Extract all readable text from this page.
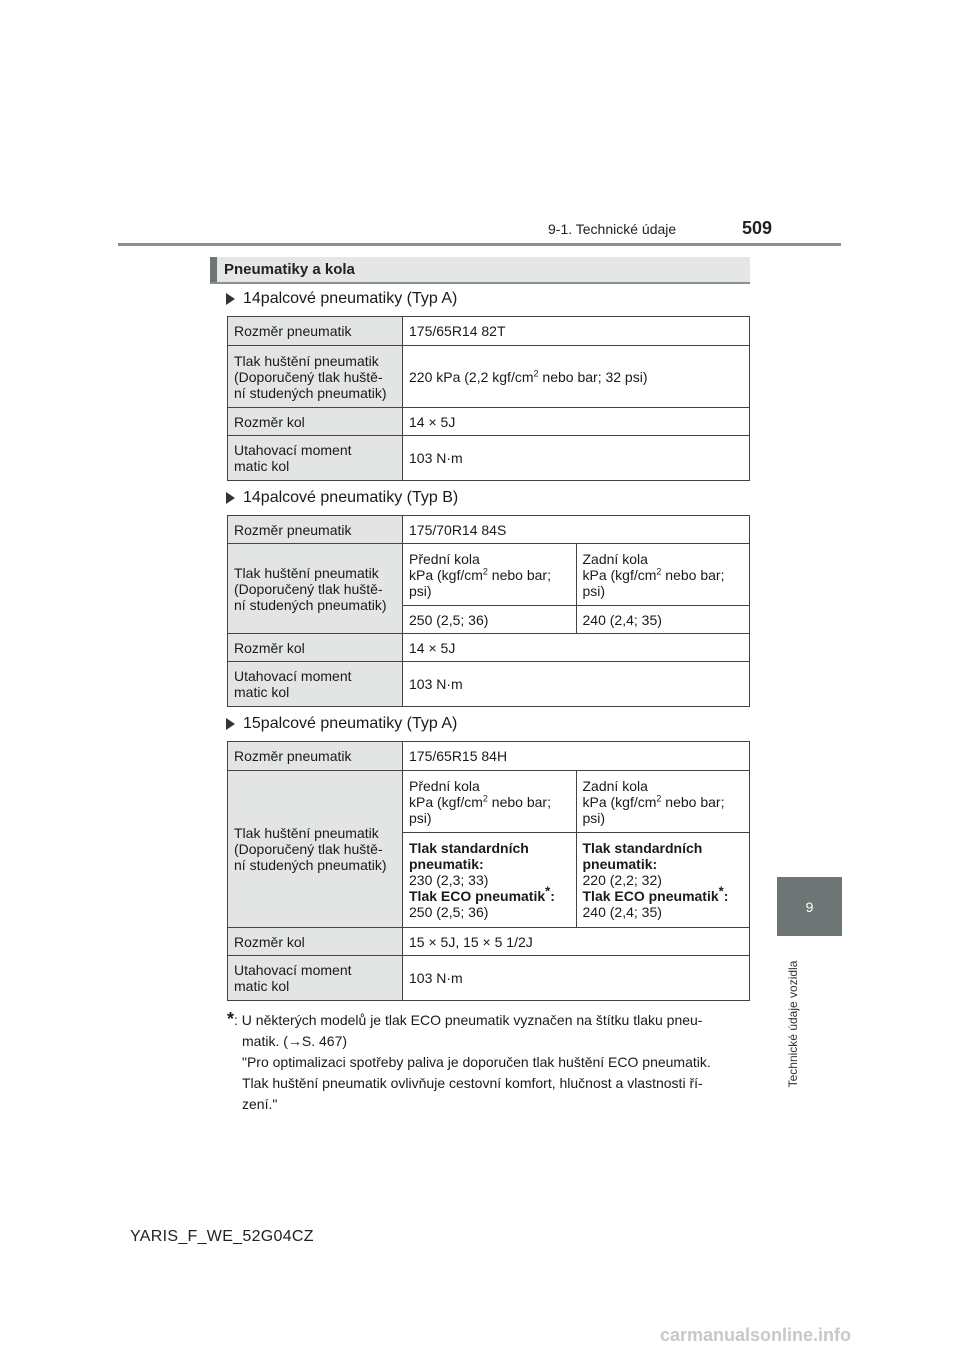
9-1. Technické údaje	509
9
Technické údaje vozidla
Pneumatiky a kola
14palcové pneumatiky (Typ A)
Rozměr pneumatik	175/65R14 82T
Tlak huštění pneumatik
(Doporučený tlak huště-
ní studených pneumatik)	220 kPa (2,2 kgf/$cm^2$ nebo bar; 32 psi)
Rozměr kol	14 × 5J
Utahovací moment
matic kol	103 N·m
14palcové pneumatiky (Typ B)
Rozměr pneumatik	175/70R14 84S	
Tlak huštění pneumatik
(Doporučený tlak huště-
ní studených pneumatik)	Přední kola
kPa ($kgf/cm^2$ nebo bar;
psi)	Zadní kola
kPa ($kgf/cm^2$ nebo bar;
psi)
	250 (2,5; 36)	240 (2,4; 35)
Rozměr kol	14 × 5J	
Utahovací moment
matic kol	103 N·m	
15palcové pneumatiky (Typ A)
Rozměr pneumatik	175/65R15 84H	
Tlak huštění pneumatik
(Doporučený tlak huště-
ní studených pneumatik)	Přední kola
kPa ($kgf/cm^2$ nebo bar;
psi)	Zadní kola
kPa ($kgf/cm^2$ nebo bar;
psi)
	Tlak standardních pneumatik:
230 (2,3; 33)
Tlak ECO pneumatik*:
250 (2,5; 36)	Tlak standardních pneumatik:
220 (2,2; 32)
Tlak ECO pneumatik*:
240 (2,4; 35)
Rozměr kol	15 × 5J, 15 × 5 1/2J	
Utahovací moment
matic kol	103 N·m	

*: U některých modelů je tlak ECO pneumatik vyznačen na štítku tlaku pneu-

matik. (→S. 467)

"Pro optimalizaci spotřeby paliva je doporučen tlak huštění ECO pneumatik.

Tlak huštění pneumatik ovlivňuje cestovní komfort, hlučnost a vlastnosti ří-

zení."

YARIS_F_WE_52G04CZ
carmanualsonline.info
